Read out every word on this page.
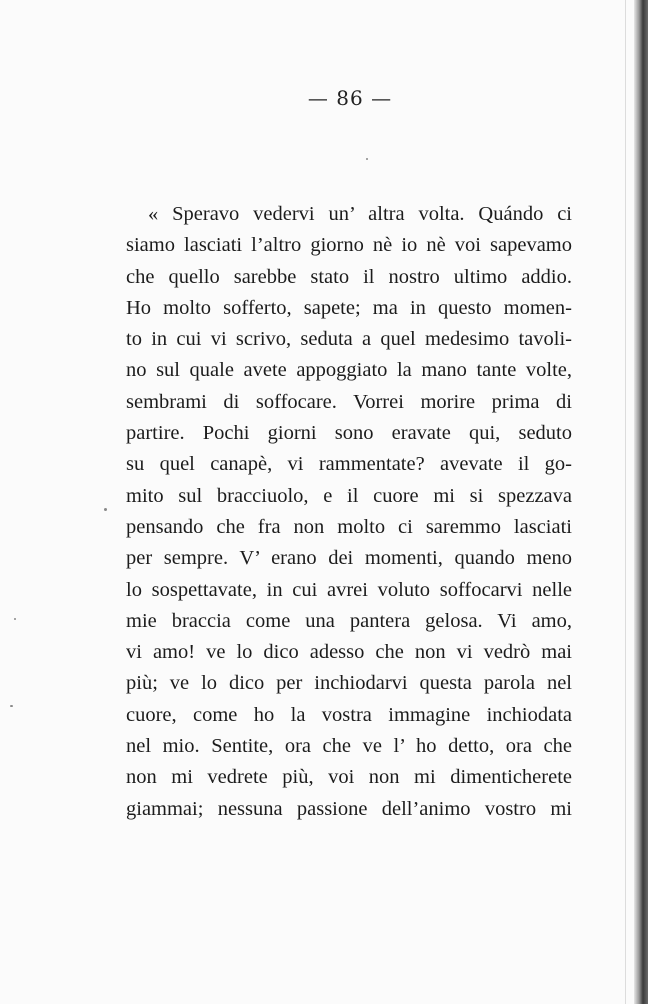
— 86 —
« Speravo vedervi un’ altra volta. Quándo ci
siamo lasciati l’altro giorno nè io nè voi sapevamo
che quello sarebbe stato il nostro ultimo addio.
Ho molto sofferto, sapete; ma in questo momen-
to in cui vi scrivo, seduta a quel medesimo tavoli-
no sul quale avete appoggiato la mano tante volte,
sembrami di soffocare. Vorrei morire prima di
partire. Pochi giorni sono eravate qui, seduto
su quel canapè, vi rammentate? avevate il go-
mito sul bracciuolo, e il cuore mi si spezzava
pensando che fra non molto ci saremmo lasciati
per sempre. V’ erano dei momenti, quando meno
lo sospettavate, in cui avrei voluto soffocarvi nelle
mie braccia come una pantera gelosa. Vi amo,
vi amo! ve lo dico adesso che non vi vedrò mai
più; ve lo dico per inchiodarvi questa parola nel
cuore, come ho la vostra immagine inchiodata
nel mio. Sentite, ora che ve l’ ho detto, ora che
non mi vedrete più, voi non mi dimenticherete
giammai; nessuna passione dell’animo vostro mi
